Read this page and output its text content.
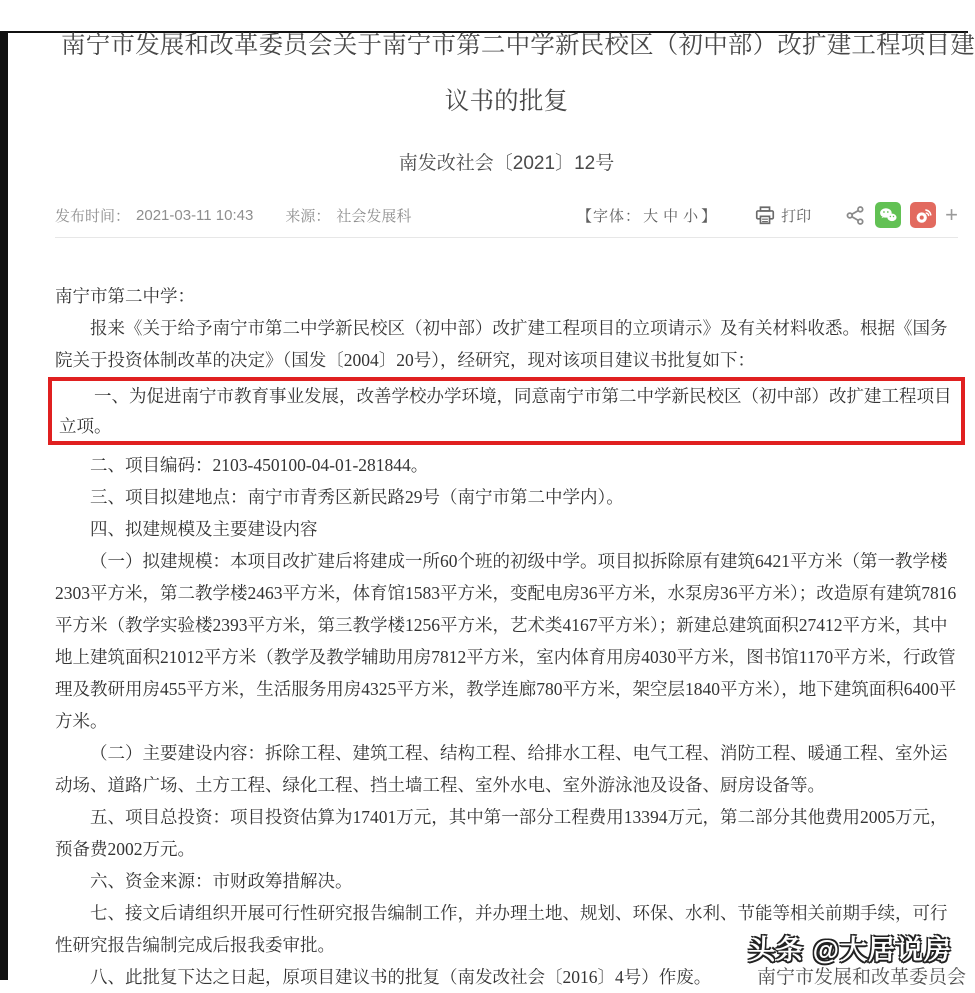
南宁市发展和改革委员会关于南宁市第二中学新民校区（初中部）改扩建工程项目建
议书的批复
南发改社会〔2021〕12号
发布时间： 2021-03-11 10:43 来源： 社会发展科	【字体： 大 中 小 】	打印	+

南宁市第二中学：

报来《关于给予南宁市第二中学新民校区（初中部）改扩建工程项目的立项请示》及有关材料收悉。根据《国务院关于投资体制改革的决定》（国发〔2004〕20号），经研究，现对该项目建议书批复如下：

一、为促进南宁市教育事业发展，改善学校办学环境，同意南宁市第二中学新民校区（初中部）改扩建工程项目立项。

二、项目编码：2103-450100-04-01-281844。

三、项目拟建地点：南宁市青秀区新民路29号（南宁市第二中学内）。

四、拟建规模及主要建设内容

（一）拟建规模：本项目改扩建后将建成一所60个班的初级中学。项目拟拆除原有建筑6421平方米（第一教学楼2303平方米，第二教学楼2463平方米，体育馆1583平方米，变配电房36平方米，水泵房36平方米）；改造原有建筑7816平方米（教学实验楼2393平方米，第三教学楼1256平方米，艺术类4167平方米）；新建总建筑面积27412平方米，其中地上建筑面积21012平方米（教学及教学辅助用房7812平方米，室内体育用房4030平方米，图书馆1170平方米，行政管理及教研用房455平方米，生活服务用房4325平方米，教学连廊780平方米，架空层1840平方米），地下建筑面积6400平方米。

（二）主要建设内容：拆除工程、建筑工程、结构工程、给排水工程、电气工程、消防工程、暖通工程、室外运动场、道路广场、土方工程、绿化工程、挡土墙工程、室外水电、室外游泳池及设备、厨房设备等。

五、项目总投资：项目投资估算为17401万元，其中第一部分工程费用13394万元，第二部分其他费用2005万元，预备费2002万元。

六、资金来源：市财政筹措解决。

七、接文后请组织开展可行性研究报告编制工作，并办理土地、规划、环保、水利、节能等相关前期手续，可行性研究报告编制完成后报我委审批。

八、此批复下达之日起，原项目建议书的批复（南发改社会〔2016〕4号）作废。

头条 @大居说房
南宁市发展和改革委员会
